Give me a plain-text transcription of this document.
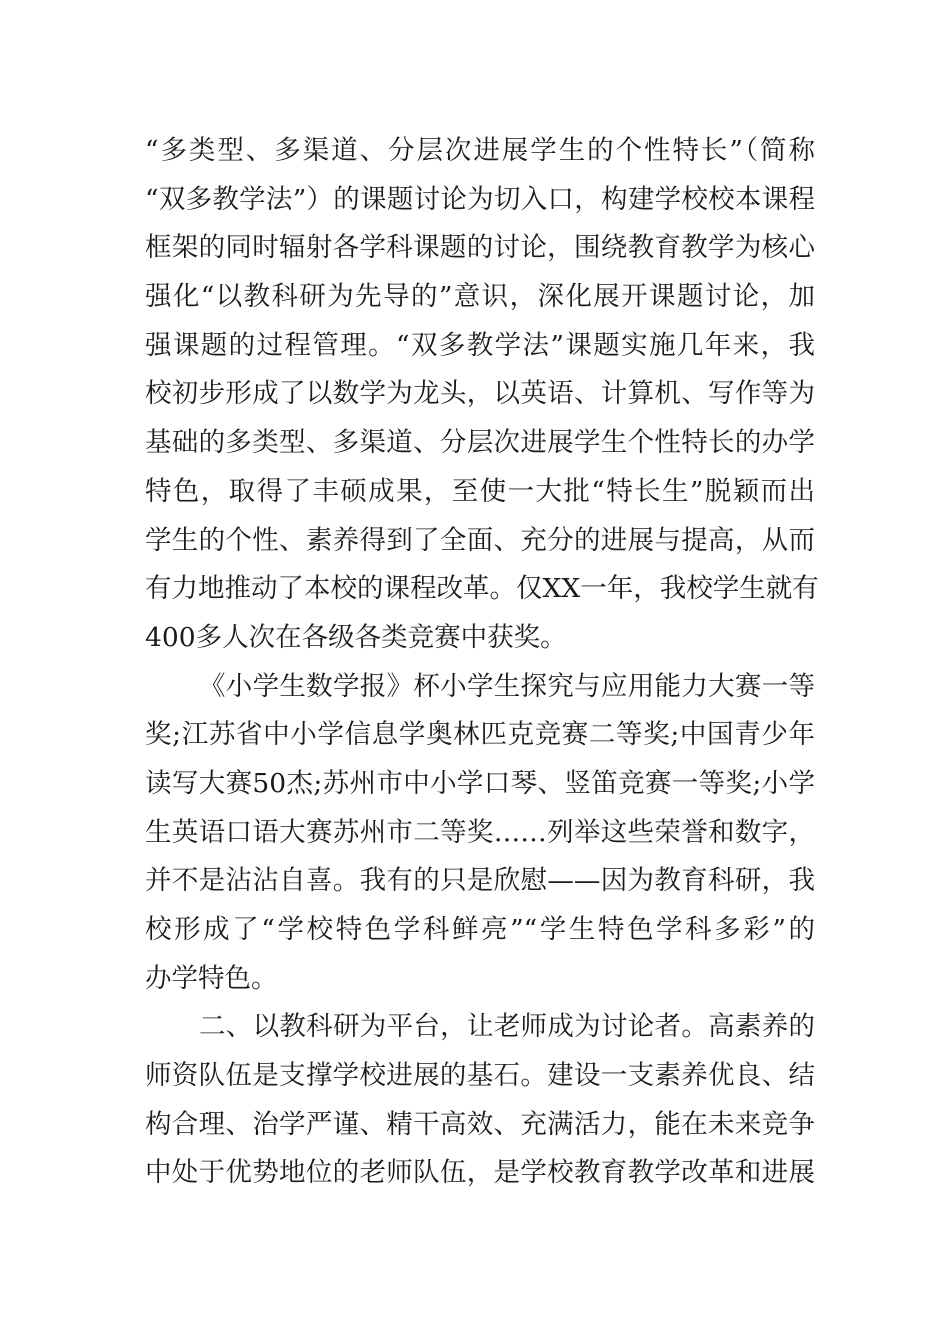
“多类型、多渠道、分层次进展学生的个性特长”（简称
“双多教学法”）的课题讨论为切入口，构建学校校本课程
框架的同时辐射各学科课题的讨论，围绕教育教学为核心
强化“以教科研为先导的”意识，深化展开课题讨论，加
强课题的过程管理。“双多教学法”课题实施几年来，我
校初步形成了以数学为龙头，以英语、计算机、写作等为
基础的多类型、多渠道、分层次进展学生个性特长的办学
特色，取得了丰硕成果，至使一大批“特长生”脱颖而出
学生的个性、素养得到了全面、充分的进展与提高，从而
有力地推动了本校的课程改革。仅XX一年，我校学生就有
400多人次在各级各类竞赛中获奖。
《小学生数学报》杯小学生探究与应用能力大赛一等
奖;江苏省中小学信息学奥林匹克竞赛二等奖;中国青少年
读写大赛50杰;苏州市中小学口琴、竖笛竞赛一等奖;小学
生英语口语大赛苏州市二等奖……列举这些荣誉和数字，
并不是沾沾自喜。我有的只是欣慰——因为教育科研，我
校形成了“学校特色学科鲜亮”“学生特色学科多彩”的
办学特色。
二、以教科研为平台，让老师成为讨论者。高素养的
师资队伍是支撑学校进展的基石。建设一支素养优良、结
构合理、治学严谨、精干高效、充满活力，能在未来竞争
中处于优势地位的老师队伍，是学校教育教学改革和进展
